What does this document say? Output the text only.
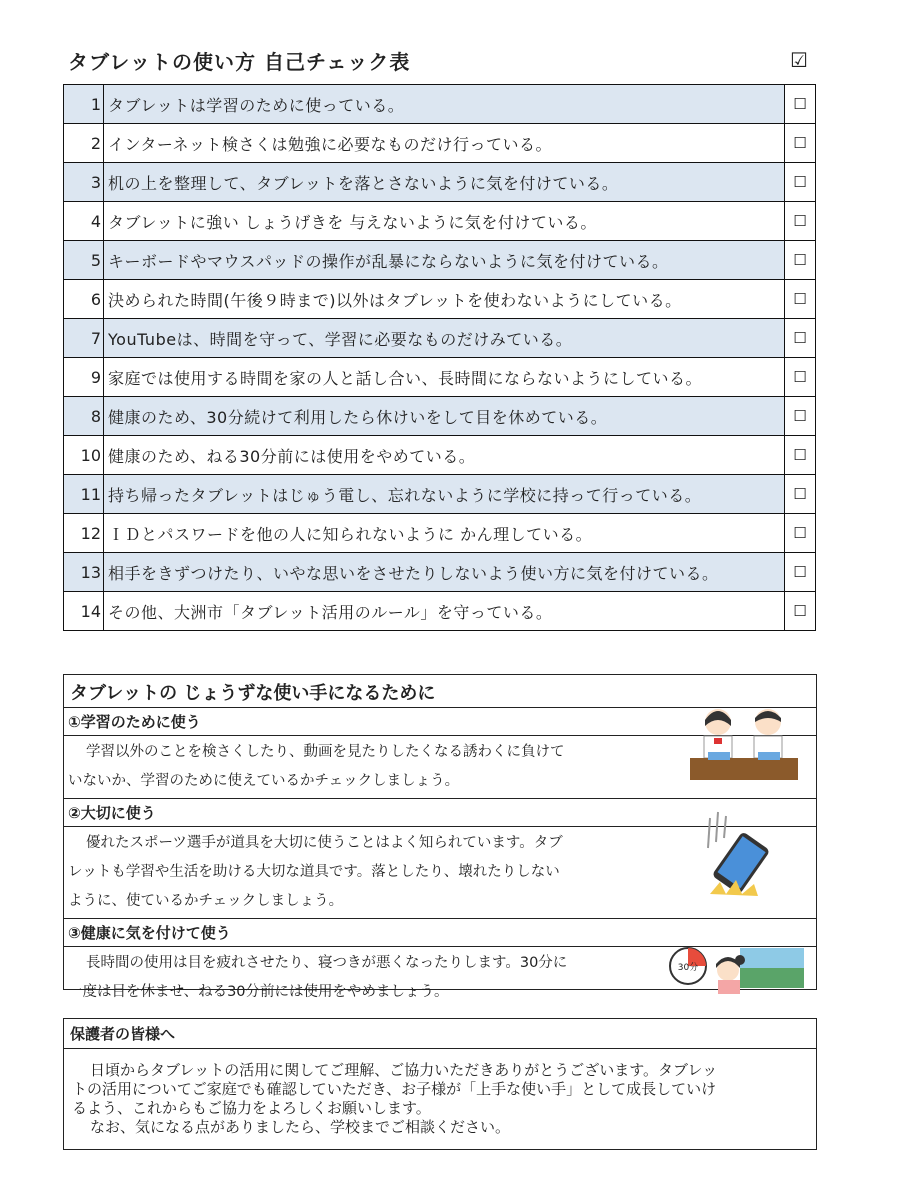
タブレットの使い方 自己チェック表	☑
1	タブレットは学習のために使っている。	☐
2	インターネット検さくは勉強に必要なものだけ行っている。	☐
3	机の上を整理して、タブレットを落とさないように気を付けている。	☐
4	タブレットに強い しょうげきを 与えないように気を付けている。	☐
5	キーボードやマウスパッドの操作が乱暴にならないように気を付けている。	☐
6	決められた時間(午後９時まで)以外はタブレットを使わないようにしている。	☐
7	YouTubeは、時間を守って、学習に必要なものだけみている。	☐
9	家庭では使用する時間を家の人と話し合い、長時間にならないようにしている。	☐
8	健康のため、30分続けて利用したら休けいをして目を休めている。	☐
10	健康のため、ねる30分前には使用をやめている。	☐
11	持ち帰ったタブレットはじゅう電し、忘れないように学校に持って行っている。	☐
12	ＩＤとパスワードを他の人に知られないように かん理している。	☐
13	相手をきずつけたり、いやな思いをさせたりしないよう使い方に気を付けている。	☐
14	その他、大洲市「タブレット活用のルール」を守っている。	☐
タブレットの じょうずな使い手になるために
①学習のために使う
学習以外のことを検さくしたり、動画を見たりしたくなる誘わくに負けて
いないか、学習のために使えているかチェックしましょう。
②大切に使う
優れたスポーツ選手が道具を大切に使うことはよく知られています。タブ
レットも学習や生活を助ける大切な道具です。落としたり、壊れたりしない
ように、使ているかチェックしましょう。
③健康に気を付けて使う
長時間の使用は目を疲れさせたり、寝つきが悪くなったりします。30分に
一度は目を休ませ、ねる30分前には使用をやめましょう。
30分
保護者の皆様へ

日頃からタブレットの活用に関してご理解、ご協力いただきありがとうございます。タブレッ

トの活用についてご家庭でも確認していただき、お子様が「上手な使い手」として成長していけ

るよう、これからもご協力をよろしくお願いします。

なお、気になる点がありましたら、学校までご相談ください。
